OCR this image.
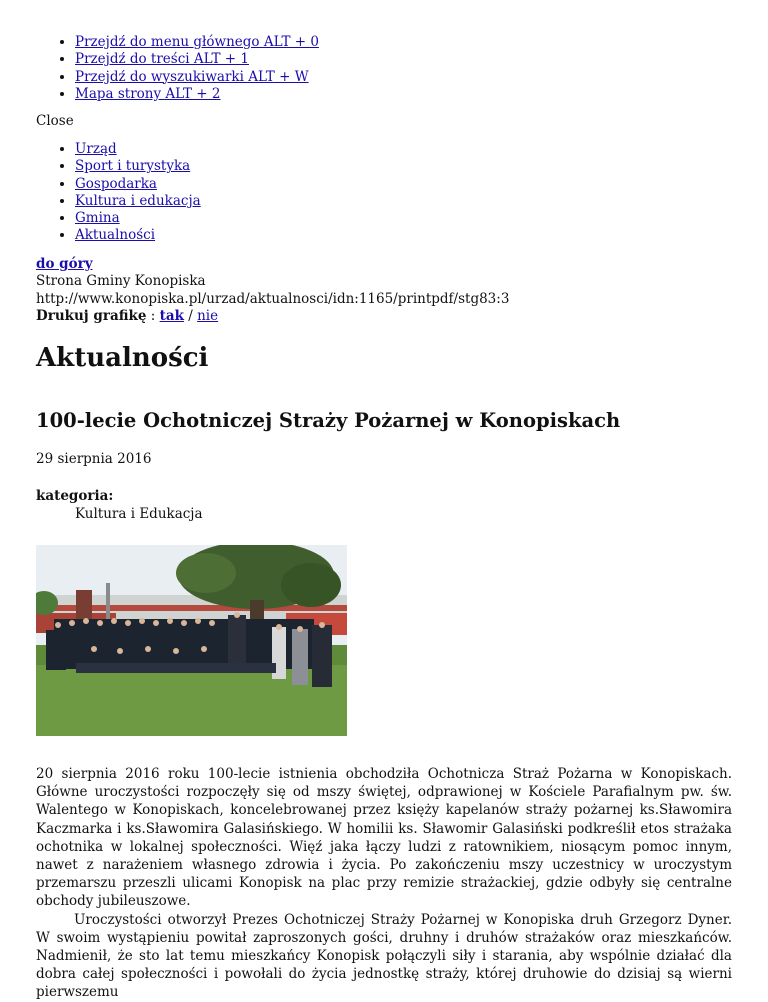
• Przejdź do menu głównego ALT + 0
• Przejdź do treści ALT + 1
• Przejdź do wyszukiwarki ALT + W
• Mapa strony ALT + 2
Close
• Urząd
• Sport i turystyka
• Gospodarka
• Kultura i edukacja
• Gmina
• Aktualności
do góry
Strona Gminy Konopiska
http://www.konopiska.pl/urzad/aktualnosci/idn:1165/printpdf/stg83:3
Drukuj grafikę : tak / nie
Aktualności
100-lecie Ochotniczej Straży Pożarnej w Konopiskach
29 sierpnia 2016
kategoria:
Kultura i Edukacja

20 sierpnia 2016 roku 100-lecie istnienia obchodziła Ochotnicza Straż Pożarna w Konopiskach. Główne uroczystości rozpoczęły się od mszy świętej, odprawionej w Kościele Parafialnym pw. św. Walentego w Konopiskach, koncelebrowanej przez księży kapelanów straży pożarnej ks.Sławomira Kaczmarka i ks.Sławomira Galasińskiego. W homilii ks. Sławomir Galasiński podkreślił etos strażaka ochotnika w lokalnej społeczności. Więź jaka łączy ludzi z ratownikiem, niosącym pomoc innym, nawet z narażeniem własnego zdrowia i życia. Po zakończeniu mszy uczestnicy w uroczystym przemarszu przeszli ulicami Konopisk na plac przy remizie strażackiej, gdzie odbyły się centralne obchody jubileuszowe.

Uroczystości otworzył Prezes Ochotniczej Straży Pożarnej w Konopiska druh Grzegorz Dyner. W swoim wystąpieniu powitał zaproszonych gości, druhny i druhów strażaków oraz mieszkańców. Nadmienił, że sto lat temu mieszkańcy Konopisk połączyli siły i starania, aby wspólnie działać dla dobra całej społeczności i powołali do życia jednostkę straży, której druhowie do dzisiaj są wierni pierwszemu
